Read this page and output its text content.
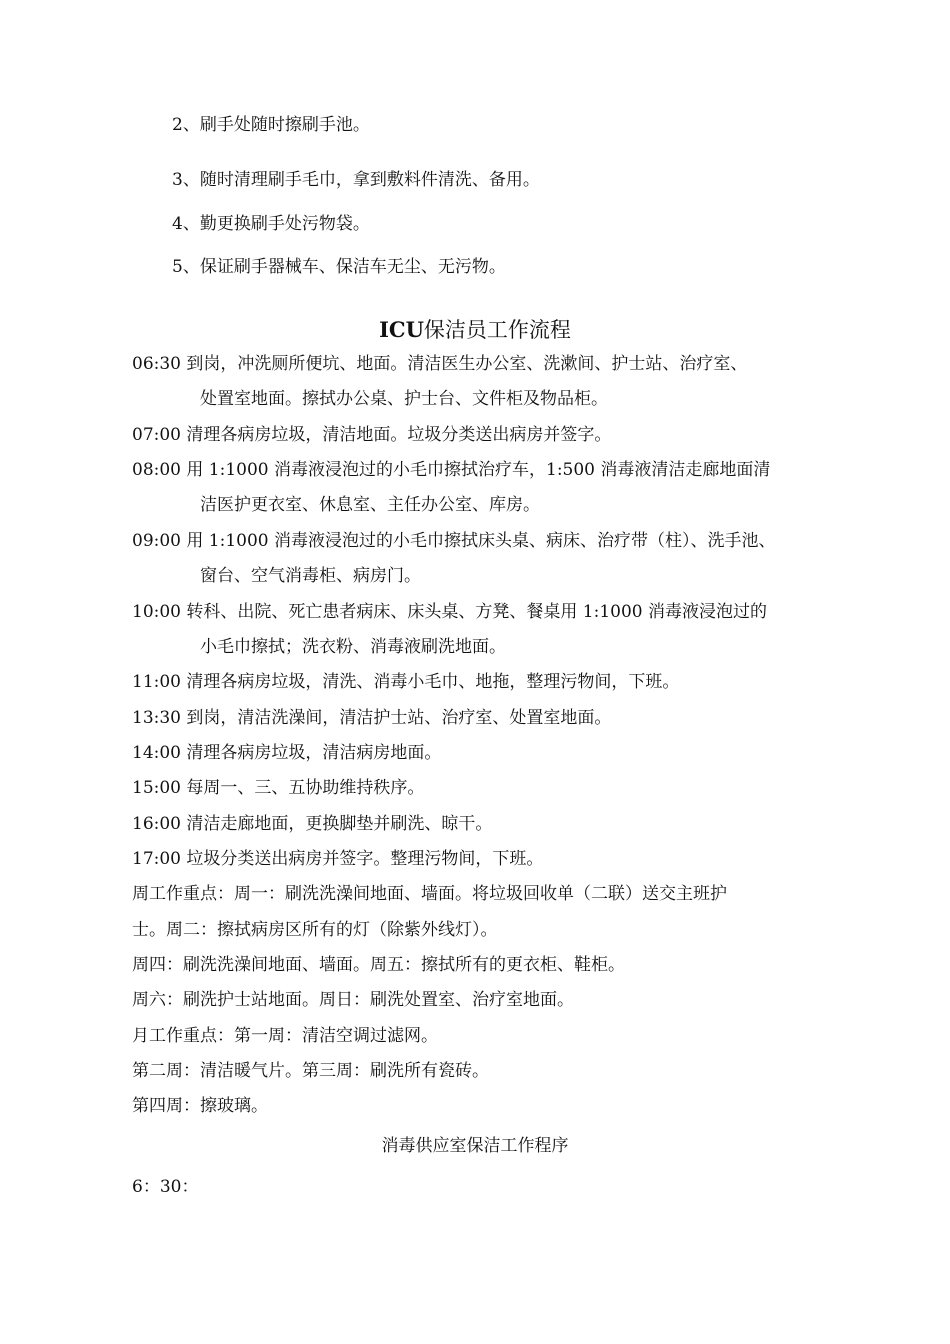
2、刷手处随时擦刷手池。
3、随时清理刷手毛巾，拿到敷料件清洗、备用。
4、勤更换刷手处污物袋。
5、保证刷手器械车、保洁车无尘、无污物。
ICU保洁员工作流程
06:30 到岗，冲洗厕所便坑、地面。清洁医生办公室、洗漱间、护士站、治疗室、
处置室地面。擦拭办公桌、护士台、文件柜及物品柜。
07:00 清理各病房垃圾，清洁地面。垃圾分类送出病房并签字。
08:00 用 1:1000 消毒液浸泡过的小毛巾擦拭治疗车，1:500 消毒液清洁走廊地面清
洁医护更衣室、休息室、主任办公室、库房。
09:00 用 1:1000 消毒液浸泡过的小毛巾擦拭床头桌、病床、治疗带（柱）、洗手池、
窗台、空气消毒柜、病房门。
10:00 转科、出院、死亡患者病床、床头桌、方凳、餐桌用 1:1000 消毒液浸泡过的
小毛巾擦拭；洗衣粉、消毒液刷洗地面。
11:00 清理各病房垃圾，清洗、消毒小毛巾、地拖，整理污物间，下班。
13:30 到岗，清洁洗澡间，清洁护士站、治疗室、处置室地面。
14:00 清理各病房垃圾，清洁病房地面。
15:00 每周一、三、五协助维持秩序。
16:00 清洁走廊地面，更换脚垫并刷洗、晾干。
17:00 垃圾分类送出病房并签字。整理污物间，下班。
周工作重点：周一：刷洗洗澡间地面、墙面。将垃圾回收单（二联）送交主班护
士。周二：擦拭病房区所有的灯（除紫外线灯）。
周四：刷洗洗澡间地面、墙面。周五：擦拭所有的更衣柜、鞋柜。
周六：刷洗护士站地面。周日：刷洗处置室、治疗室地面。
月工作重点：第一周：清洁空调过滤网。
第二周：清洁暖气片。第三周：刷洗所有瓷砖。
第四周：擦玻璃。
消毒供应室保洁工作程序
6：30：
